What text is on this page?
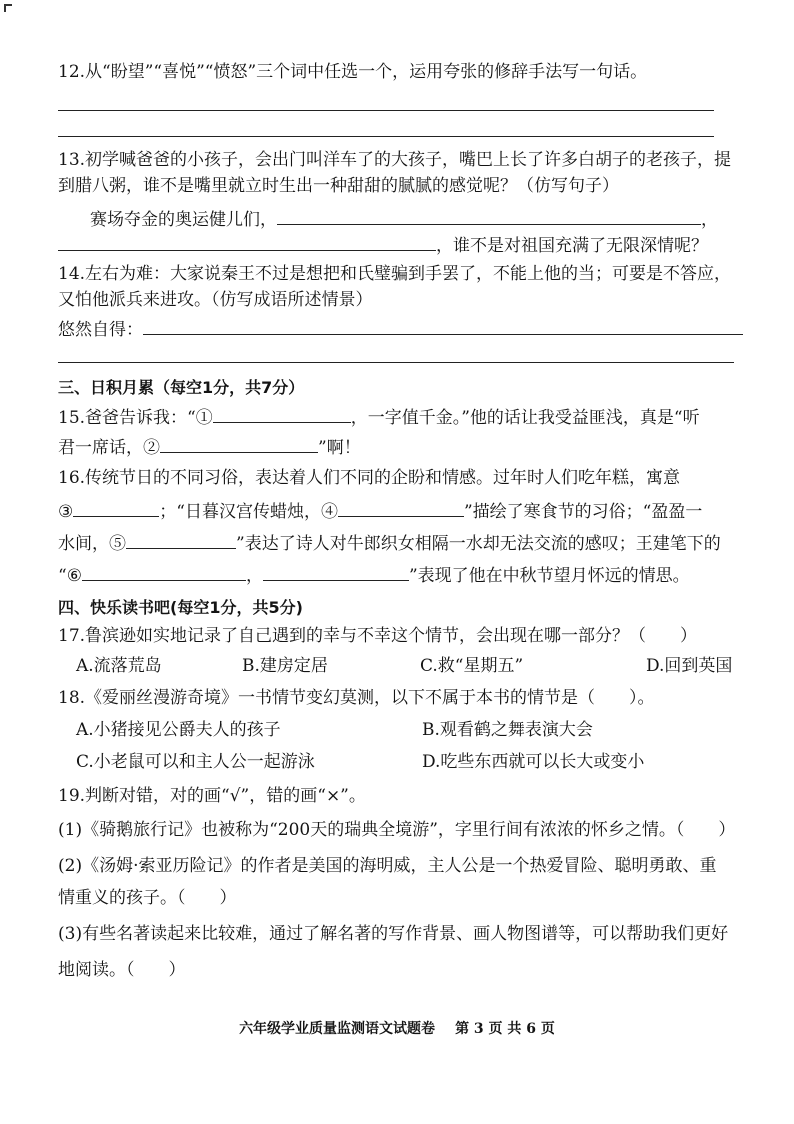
12.从“盼望”“喜悦”“愤怒”三个词中任选一个，运用夸张的修辞手法写一句话。
13.初学喊爸爸的小孩子，会出门叫洋车了的大孩子，嘴巴上长了许多白胡子的老孩子，提
到腊八粥，谁不是嘴里就立时生出一种甜甜的腻腻的感觉呢？（仿写句子）
赛场夺金的奥运健儿们，	，
，谁不是对祖国充满了无限深情呢？
14.左右为难：大家说秦王不过是想把和氏璧骗到手罢了，不能上他的当；可要是不答应，
又怕他派兵来进攻。（仿写成语所述情景）
悠然自得：
三、日积月累（每空1分，共7分）
15.爸爸告诉我：“①	，一字值千金。”他的话让我受益匪浅，真是“听
君一席话，②	”啊！
16.传统节日的不同习俗，表达着人们不同的企盼和情感。过年时人们吃年糕，寓意
③	；“日暮汉宫传蜡烛，④	”描绘了寒食节的习俗；“盈盈一
水间，⑤	”表达了诗人对牛郎织女相隔一水却无法交流的感叹；王建笔下的
“⑥	，	”表现了他在中秋节望月怀远的情思。
四、快乐读书吧(每空1分，共5分)
17.鲁滨逊如实地记录了自己遇到的幸与不幸这个情节，会出现在哪一部分？（　　）
A.流落荒岛	B.建房定居	C.救“星期五”	D.回到英国
18.《爱丽丝漫游奇境》一书情节变幻莫测，以下不属于本书的情节是（　　）。
A.小猪接见公爵夫人的孩子	B.观看鹤之舞表演大会
C.小老鼠可以和主人公一起游泳	D.吃些东西就可以长大或变小
19.判断对错，对的画“√”，错的画“×”。
(1)《骑鹅旅行记》也被称为“200天的瑞典全境游”，字里行间有浓浓的怀乡之情。（　　）
(2)《汤姆·索亚历险记》的作者是美国的海明威，主人公是一个热爱冒险、聪明勇敢、重
情重义的孩子。（　　）
(3)有些名著读起来比较难，通过了解名著的写作背景、画人物图谱等，可以帮助我们更好
地阅读。（　　）
六年级学业质量监测语文试题卷 第 3 页 共 6 页
